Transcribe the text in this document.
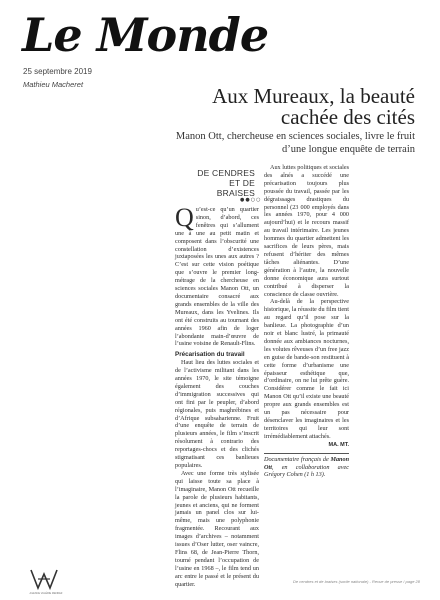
Le Monde
25 septembre 2019
Mathieu Macheret	Aux Mureaux, la beauté cachée des cités
Manon Ott, chercheuse en sciences sociales, livre le fruit d’une longue enquête de terrain
DE CENDRES ET DE BRAISES
●●○○
Q u’est-ce qu’un quartier sinon, d’abord, ces fenêtres qui s’allument une à une au petit matin et composent dans l’obscurité une constellation d’existences juxtaposées les unes aux autres ? C’est sur cette vision poétique que s’ouvre le premier long-métrage de la chercheuse en sciences sociales Manon Ott, un documentaire consacré aux grands ensembles de la ville des Mureaux, dans les Yvelines. Ils ont été construits au tournant des années 1960 afin de loger l’abondante main-d’œuvre de l’usine voisine de Renault-Flins.

Précarisation du travail

Haut lieu des luttes sociales et de l’activisme militant dans les années 1970, le site témoigne également des couches d’immigration successives qui ont fini par le peupler, d’abord régionales, puis maghrébines et d’Afrique subsaharienne. Fruit d’une enquête de terrain de plusieurs années, le film s’inscrit résolument à contrario des reportages-chocs et des clichés stigmatisant ces banlieues populaires.

Avec une forme très stylisée qui laisse toute sa place à l’imaginaire, Manon Ott recueille la parole de plusieurs habitants, jeunes et anciens, qui ne forment jamais un panel clos sur lui-même, mais une polyphonie fragmentée. Recourant aux images d’archives – notamment issues d’Oser lutter, oser vaincre, Flins 68, de Jean-Pierre Thorn, tourné pendant l’occupation de l’usine en 1968 –, le film tend un arc entre le passé et le présent du quartier.

Aux luttes politiques et sociales des aînés a succédé une précarisation toujours plus poussée du travail, passée par les dégraissages drastiques du personnel (23 000 employés dans les années 1970, pour 4 000 aujourd’hui) et le recours massif au travail intérimaire. Les jeunes hommes du quartier admettent les sacrifices de leurs pères, mais refusent d’hériter des mêmes tâches aliénantes. D’une génération à l’autre, la nouvelle donne économique aura surtout contribué à disperser la conscience de classe ouvrière.

Au-delà de la perspective historique, la réussite du film tient au regard qu’il pose sur la banlieue. La photographie d’un noir et blanc lustré, la primauté donnée aux ambiances nocturnes, les volutes rêveuses d’un free jazz en guise de bande-son restituent à cette forme d’urbanisme une épaisseur esthétique que, d’ordinaire, on ne lui prête guère. Considérer comme le fait ici Manon Ott qu’il existe une beauté propre aux grands ensembles est un pas nécessaire pour désenclaver les imaginaires et les territoires qui leur sont irrémédiablement attachés.

MA. MT.
Documentaire français de Manon Ott, en collaboration avec Grégory Cohen (1 h 13).
AGENCE VALÉRIE MENDEZ
De cendres et de braises (sortie nationale) - Revue de presse / page 28
